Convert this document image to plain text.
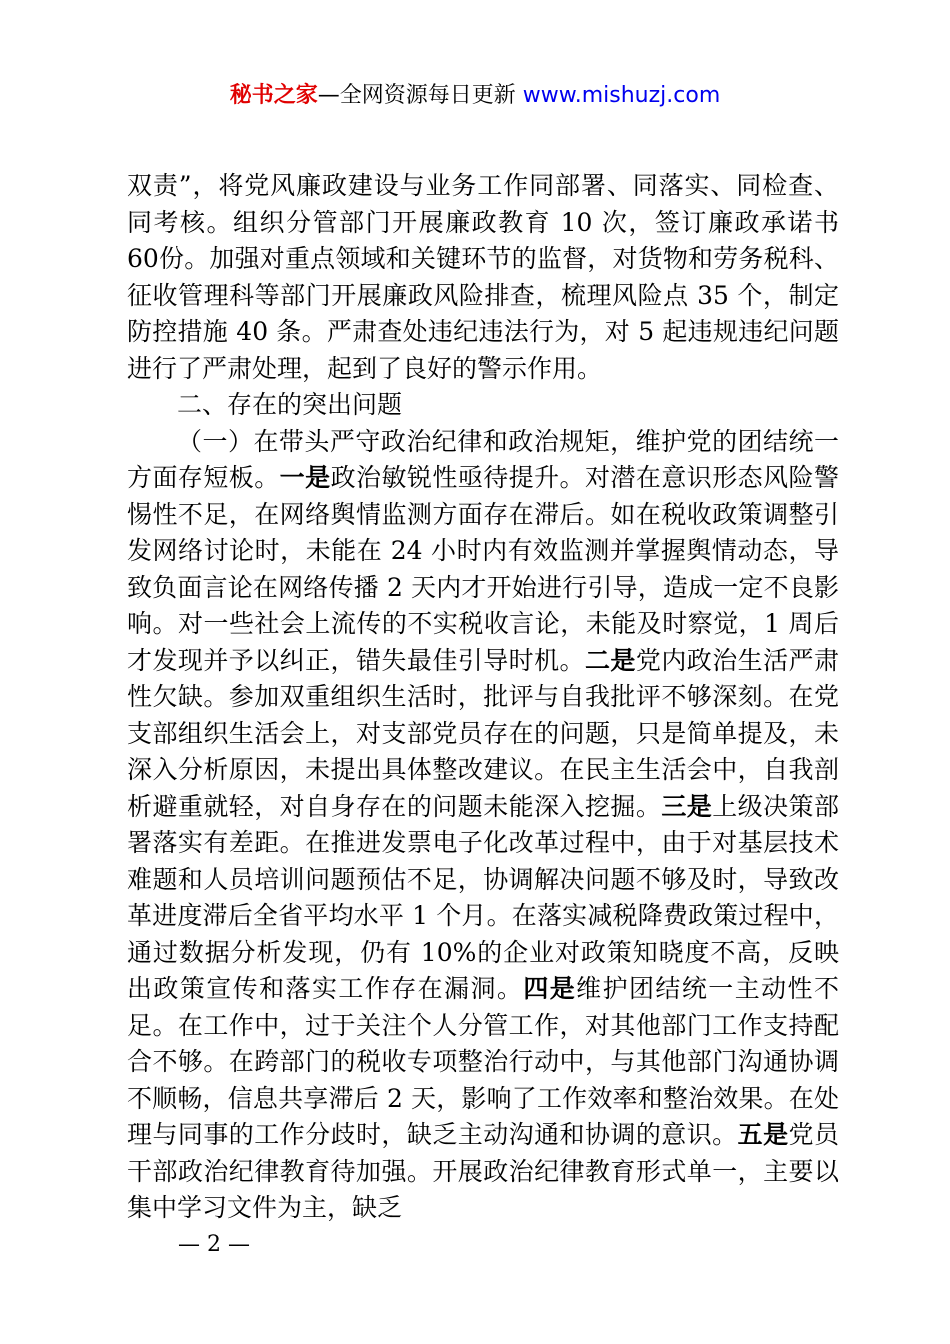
秘书之家—全网资源每日更新 www.mishuzj.com

双责”，将党风廉政建设与业务工作同部署、同落实、同检查、同考核。组织分管部门开展廉政教育 10 次，签订廉政承诺书 60份。加强对重点领域和关键环节的监督，对货物和劳务税科、征收管理科等部门开展廉政风险排查，梳理风险点 35 个，制定防控措施 40 条。严肃查处违纪违法行为，对 5 起违规违纪问题进行了严肃处理，起到了良好的警示作用。

二、存在的突出问题

（一）在带头严守政治纪律和政治规矩，维护党的团结统一方面存短板。一是政治敏锐性亟待提升。对潜在意识形态风险警惕性不足，在网络舆情监测方面存在滞后。如在税收政策调整引发网络讨论时，未能在 24 小时内有效监测并掌握舆情动态，导致负面言论在网络传播 2 天内才开始进行引导，造成一定不良影响。对一些社会上流传的不实税收言论，未能及时察觉，1 周后才发现并予以纠正，错失最佳引导时机。二是党内政治生活严肃性欠缺。参加双重组织生活时，批评与自我批评不够深刻。在党支部组织生活会上，对支部党员存在的问题，只是简单提及，未深入分析原因，未提出具体整改建议。在民主生活会中，自我剖析避重就轻，对自身存在的问题未能深入挖掘。三是上级决策部署落实有差距。在推进发票电子化改革过程中，由于对基层技术难题和人员培训问题预估不足，协调解决问题不够及时，导致改革进度滞后全省平均水平 1 个月。在落实减税降费政策过程中，通过数据分析发现，仍有 10%的企业对政策知晓度不高，反映出政策宣传和落实工作存在漏洞。四是维护团结统一主动性不足。在工作中，过于关注个人分管工作，对其他部门工作支持配合不够。在跨部门的税收专项整治行动中，与其他部门沟通协调不顺畅，信息共享滞后 2 天，影响了工作效率和整治效果。在处理与同事的工作分歧时，缺乏主动沟通和协调的意识。五是党员干部政治纪律教育待加强。开展政治纪律教育形式单一，主要以集中学习文件为主，缺乏

— 2 —
